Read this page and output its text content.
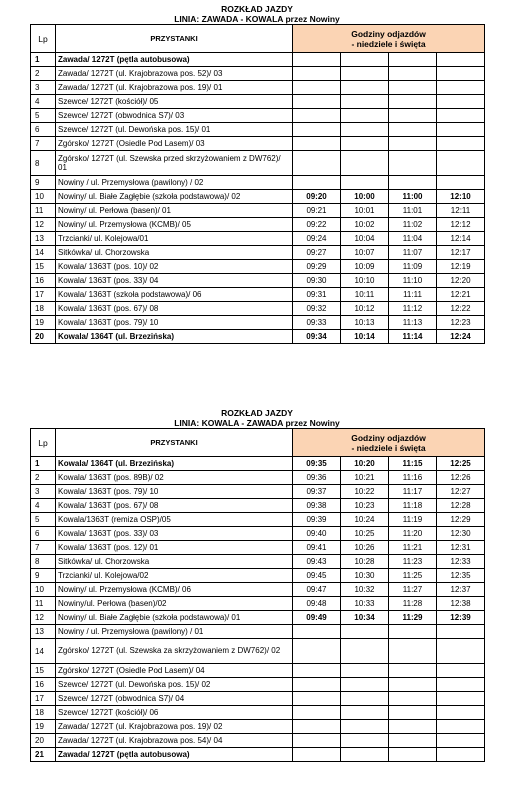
ROZKŁAD JAZDY
LINIA: ZAWADA - KOWALA przez Nowiny
Lp	PRZYSTANKI	Godziny odjazdów
- niedziele i święta			
1	Zawada/ 1272T (pętla autobusowa)				
2	Zawada/ 1272T (ul. Krajobrazowa pos. 52)/ 03				
3	Zawada/ 1272T (ul. Krajobrazowa pos. 19)/ 01				
4	Szewce/ 1272T (kościół)/ 05				
5	Szewce/ 1272T (obwodnica S7)/ 03				
6	Szewce/ 1272T (ul. Dewońska pos. 15)/ 01				
7	Zgórsko/ 1272T (Osiedle Pod Lasem)/ 03				
8	Zgórsko/ 1272T (ul. Szewska przed skrzyżowaniem z DW762)/ 01				
9	Nowiny / ul. Przemysłowa (pawilony) / 02				
10	Nowiny/ ul. Białe Zagłębie (szkoła podstawowa)/ 02	09:20	10:00	11:00	12:10
11	Nowiny/ ul. Perłowa (basen)/ 01	09:21	10:01	11:01	12:11
12	Nowiny/ ul. Przemysłowa (KCMB)/ 05	09:22	10:02	11:02	12:12
13	Trzcianki/ ul. Kolejowa/01	09:24	10:04	11:04	12:14
14	Sitkówka/ ul. Chorzowska	09:27	10:07	11:07	12:17
15	Kowala/ 1363T (pos. 10)/ 02	09:29	10:09	11:09	12:19
16	Kowala/ 1363T (pos. 33)/ 04	09:30	10:10	11:10	12:20
17	Kowala/ 1363T (szkoła podstawowa)/ 06	09:31	10:11	11:11	12:21
18	Kowala/ 1363T (pos. 67)/ 08	09:32	10:12	11:12	12:22
19	Kowala/ 1363T (pos. 79)/ 10	09:33	10:13	11:13	12:23
20	Kowala/ 1364T (ul. Brzezińska)	09:34	10:14	11:14	12:24
ROZKŁAD JAZDY
LINIA: KOWALA - ZAWADA przez Nowiny
Lp	PRZYSTANKI	Godziny odjazdów
- niedziele i święta			
1	Kowala/ 1364T (ul. Brzezińska)	09:35	10:20	11:15	12:25
2	Kowala/ 1363T (pos. 89B)/ 02	09:36	10:21	11:16	12:26
3	Kowala/ 1363T (pos. 79)/ 10	09:37	10:22	11:17	12:27
4	Kowala/ 1363T (pos. 67)/ 08	09:38	10:23	11:18	12:28
5	Kowala/1363T (remiza OSP)/05	09:39	10:24	11:19	12:29
6	Kowala/ 1363T (pos. 33)/ 03	09:40	10:25	11:20	12:30
7	Kowala/ 1363T (pos. 12)/ 01	09:41	10:26	11:21	12:31
8	Sitkówka/ ul. Chorzowska	09:43	10:28	11:23	12:33
9	Trzcianki/ ul. Kolejowa/02	09:45	10:30	11:25	12:35
10	Nowiny/ ul. Przemysłowa (KCMB)/ 06	09:47	10:32	11:27	12:37
11	Nowiny/ul. Perłowa (basen)/02	09:48	10:33	11:28	12:38
12	Nowiny/ ul. Białe Zagłębie (szkoła podstawowa)/ 01	09:49	10:34	11:29	12:39
13	Nowiny / ul. Przemysłowa (pawilony) / 01				
14	Zgórsko/ 1272T (ul. Szewska za skrzyżowaniem z DW762)/ 02				
15	Zgórsko/ 1272T (Osiedle Pod Lasem)/ 04				
16	Szewce/ 1272T (ul. Dewońska pos. 15)/ 02				
17	Szewce/ 1272T (obwodnica S7)/ 04				
18	Szewce/ 1272T (kościół)/ 06				
19	Zawada/ 1272T (ul. Krajobrazowa pos. 19)/ 02				
20	Zawada/ 1272T (ul. Krajobrazowa pos. 54)/ 04				
21	Zawada/ 1272T (pętla autobusowa)				
